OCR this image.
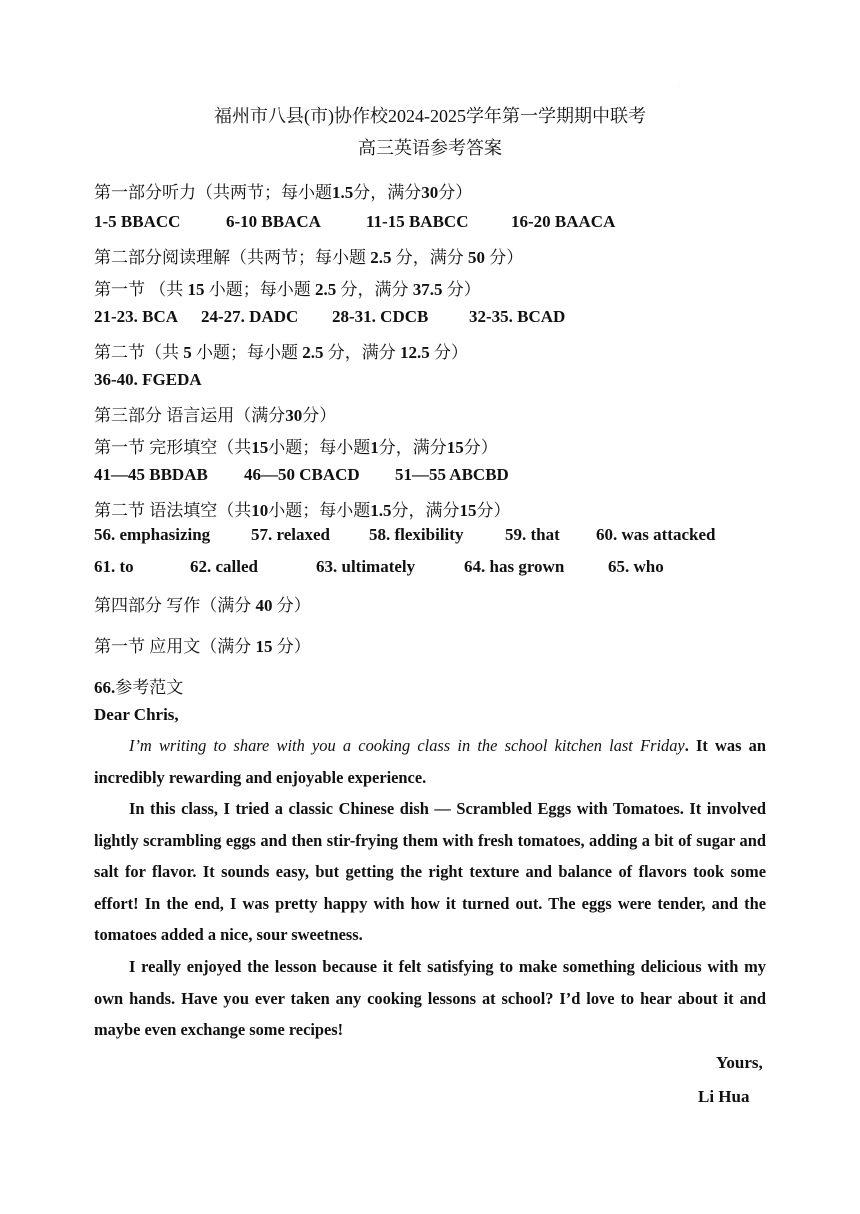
·
福州市八县(市)协作校2024-2025学年第一学期期中联考
高三英语参考答案
第一部分听力（共两节；每小题1.5分，满分30分）
1-5 BBACC	6-10 BBACA	11-15 BABCC	16-20 BAACA
第二部分阅读理解（共两节；每小题 2.5 分，满分 50 分）
第一节 （共 15 小题；每小题 2.5 分，满分 37.5 分）
21-23. BCA 24-27. DADC 28-31. CDCB 32-35. BCAD
第二节（共 5 小题；每小题 2.5 分，满分 12.5 分）
36-40. FGEDA
第三部分 语言运用（满分30分）
第一节 完形填空（共15小题；每小题1分，满分15分）
41—45 BBDAB 46—50 CBACD 51—55 ABCBD
第二节 语法填空（共10小题；每小题1.5分，满分15分）
56. emphasizing 57. relaxed 58. flexibility 59. that 60. was attacked
61. to	62. called	63. ultimately	64. has grown	65. who
第四部分 写作（满分 40 分）
第一节 应用文（满分 15 分）
66.参考范文
Dear Chris,

I’m writing to share with you a cooking class in the school kitchen last Friday. It was an incredibly rewarding and enjoyable experience.

In this class, I tried a classic Chinese dish — Scrambled Eggs with Tomatoes. It involved lightly scrambling eggs and then stir-frying them with fresh tomatoes, adding a bit of sugar and salt for flavor. It sounds easy, but getting the right texture and balance of flavors took some effort! In the end, I was pretty happy with how it turned out. The eggs were tender, and the tomatoes added a nice, sour sweetness.

I really enjoyed the lesson because it felt satisfying to make something delicious with my own hands. Have you ever taken any cooking lessons at school? I’d love to hear about it and maybe even exchange some recipes!

Yours,
Li Hua
